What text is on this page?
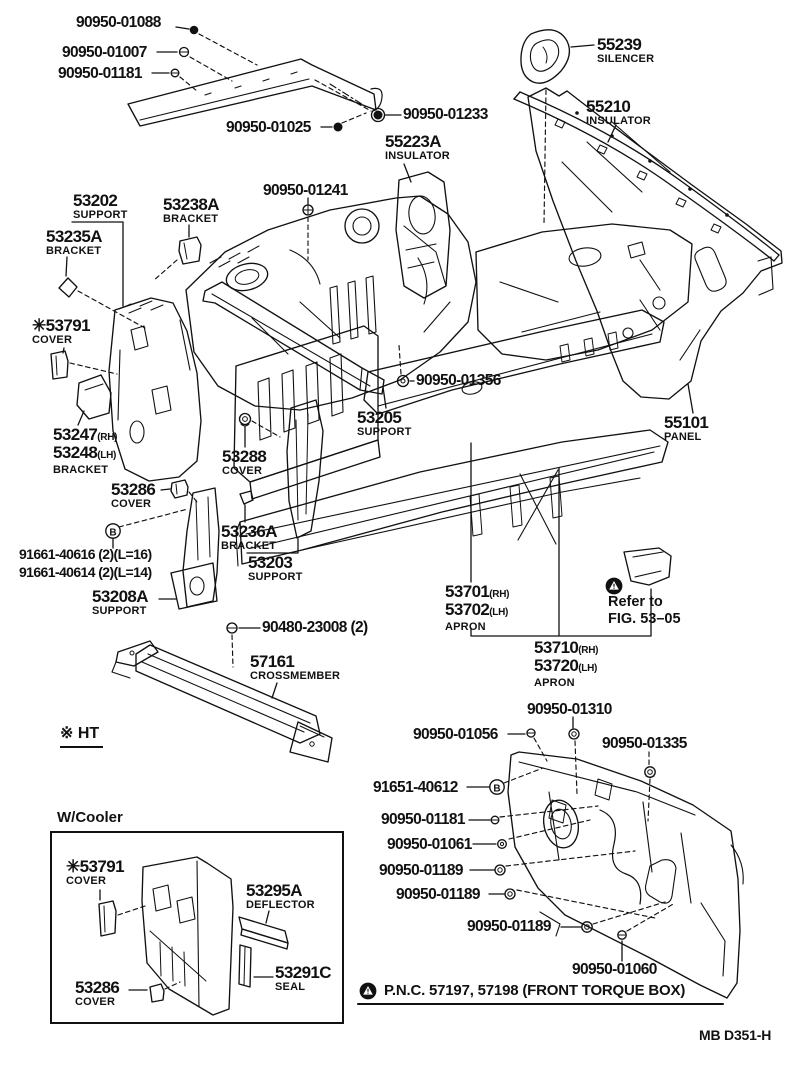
B
B
90950-01088
90950-01007
90950-01181
90950-01025
90950-01233
90950-01241
90950-01356
90480-23008 (2)
91661-40616 (2)(L=16)
91661-40614 (2)(L=14)
90950-01310
90950-01056
90950-01335
91651-40612
90950-01181
90950-01061
90950-01189
90950-01189
90950-01189
90950-01060
55239
SILENCER
55210
INSULATOR
55223A
INSULATOR
53202
SUPPORT
53238A
BRACKET
53235A
BRACKET
✳53791
COVER
53247(RH)
53248(LH)
BRACKET
53286
COVER
53288
COVER
53236A
BRACKET
53203
SUPPORT
53205
SUPPORT	55101
PANEL
53701(RH)
53702(LH)
APRON
53710(RH)
53720(LH)
APRON
53208A
SUPPORT
57161
CROSSMEMBER
※ HT
W/Cooler
Refer to
FIG. 53–05
P.N.C. 57197, 57198 (FRONT TORQUE BOX)
MB D351-H
✳53791
COVER	53295A
DEFLECTOR
53291C
SEAL
53286
COVER
